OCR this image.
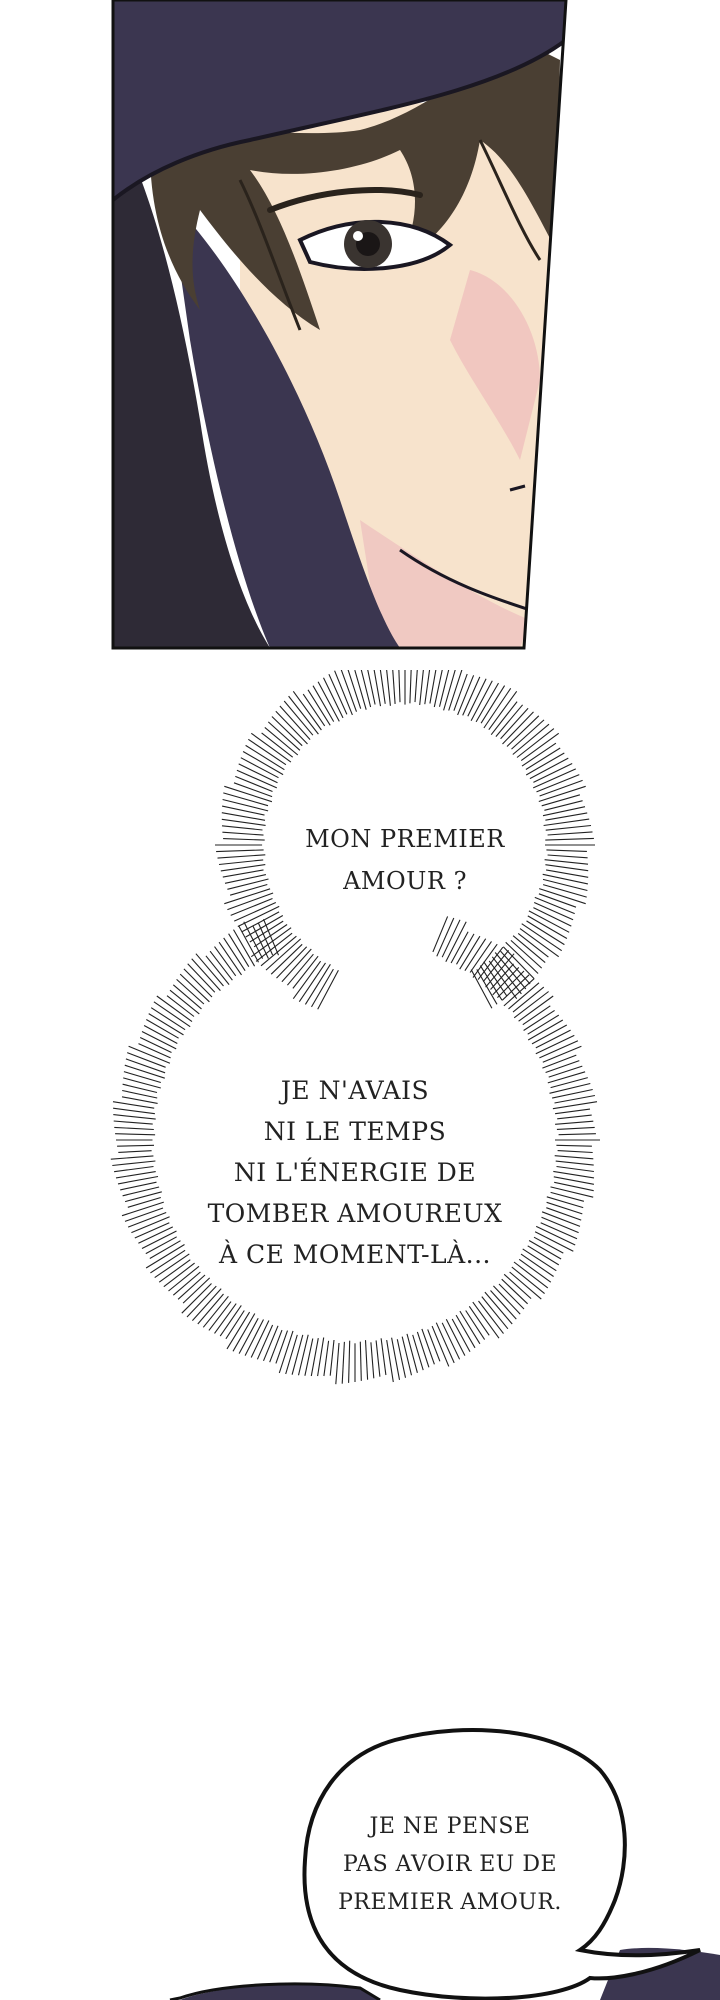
MON PREMIER
AMOUR ?
JE N'AVAIS
NI LE TEMPS
NI L'ÉNERGIE DE
TOMBER AMOUREUX
À CE MOMENT-LÀ...
JE NE PENSE
PAS AVOIR EU DE
PREMIER AMOUR.
